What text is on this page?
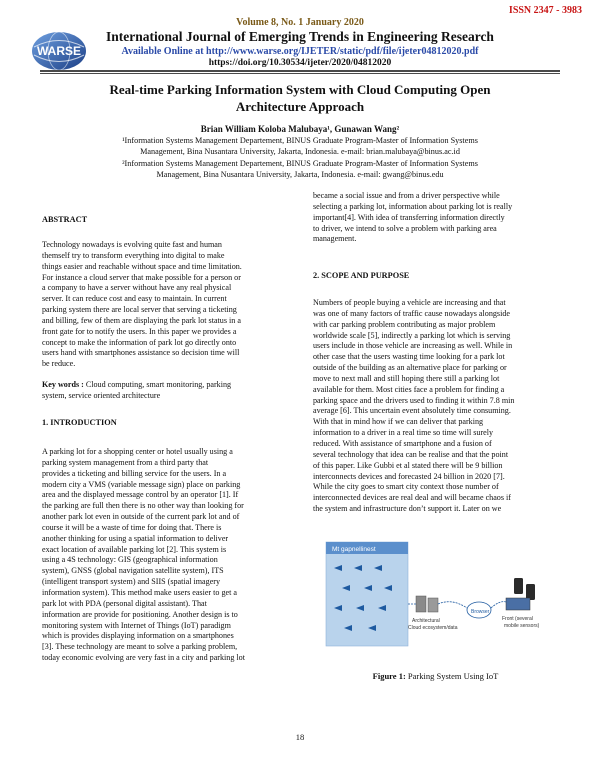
ISSN 2347 - 3983
Volume 8, No. 1 January 2020
WARSE
International Journal of Emerging Trends in Engineering Research
Available Online at http://www.warse.org/IJETER/static/pdf/file/ijeter04812020.pdf
https://doi.org/10.30534/ijeter/2020/04812020
Real-time Parking Information System with Cloud Computing Open
Architecture Approach
Brian William Koloba Malubaya¹, Gunawan Wang²
¹Information Systems Management Departement, BINUS Graduate Program-Master of Information Systems
Management, Bina Nusantara University, Jakarta, Indonesia. e-mail: brian.malubaya@binus.ac.id
²Information Systems Management Departement, BINUS Graduate Program-Master of Information Systems
Management, Bina Nusantara University, Jakarta, Indonesia. e-mail: gwang@binus.edu
ABSTRACT
Technology nowadays is evolving quite fast and human
themself try to transform everything into digital to make
things easier and reachable without space and time limitation.
For instance a cloud server that make possible for a person or
a company to have a server without have any real physical
server. It can reduce cost and easy to maintain. In current
parking system there are local server that serving a ticketing
and billing, few of them are displaying the park lot status in a
front gate for to notify the users. In this paper we provides a
concept to make the information of park lot go directly onto
users hand with smartphones assistance so decision time will
be reduce.
Key words : Cloud computing, smart monitoring, parking
system, service oriented architecture
1. INTRODUCTION
A parking lot for a shopping center or hotel usually using a
parking system management from a third party that
provides a ticketing and billing service for the users. In a
modern city a VMS (variable message sign) place on parking
area and the displayed message control by an operator [1]. If
the parking are full then there is no other way than looking for
another park lot even in outside of the current park lot and of
course it will be a waste of time for doing that. There is
another thinking for using a spatial information to deliver
exact location of available parking lot [2]. This system is
using a 4S technology: GIS (geographical information
system), GNSS (global navigation satellite system), ITS
(intelligent transport system) and SIIS (spatial imagery
information system). This method make users easier to get a
park lot with PDA (personal digital assistant). That
information are provide for positioning. Another design is to
monitoring system with Internet of Things (IoT) paradigm
which is provides displaying information on a smartphones
[3]. These technology are meant to solve a parking problem,
today economic evolving are very fast in a city and parking lot
became a social issue and from a driver perspective while
selecting a parking lot, information about parking lot is really
important[4]. With idea of transferring information directly
to driver, we intend to solve a problem with parking area
management.
2. SCOPE AND PURPOSE
Numbers of people buying a vehicle are increasing and that
was one of many factors of traffic cause nowadays alongside
with car parking problem contributing as major problem
worldwide scale [5], indirectly a parking lot which is serving
users include in those vehicle are increasing as well. While in
other case that the users wasting time looking for a park lot
outside of the building as an alternative place for parking or
move to next mall and still hoping there still a parking lot
available for them. Most cities face a problem for finding a
parking space and the drivers used to finding it within 7.8 min
average [6]. This uncertain event absolutely time consuming.
With that in mind how if we can deliver that parking
information to a driver in a real time so time will surely
reduced. With assistance of smartphone and a fusion of
several technology that idea can be realise and that the point
of this paper. Like Gubbi et al stated there will be 9 billion
interconnects devices and forecasted 24 billion in 2020 [7].
While the city goes to smart city context those number of
interconnected devices are real deal and will became chaos if
the system and infrastructure don’t support it. Later on we
Mt gapnellinest
Architectural
Cloud ecosystem/data
Browser
Front (several
mobile sensors)
Figure 1: Parking System Using IoT
18
